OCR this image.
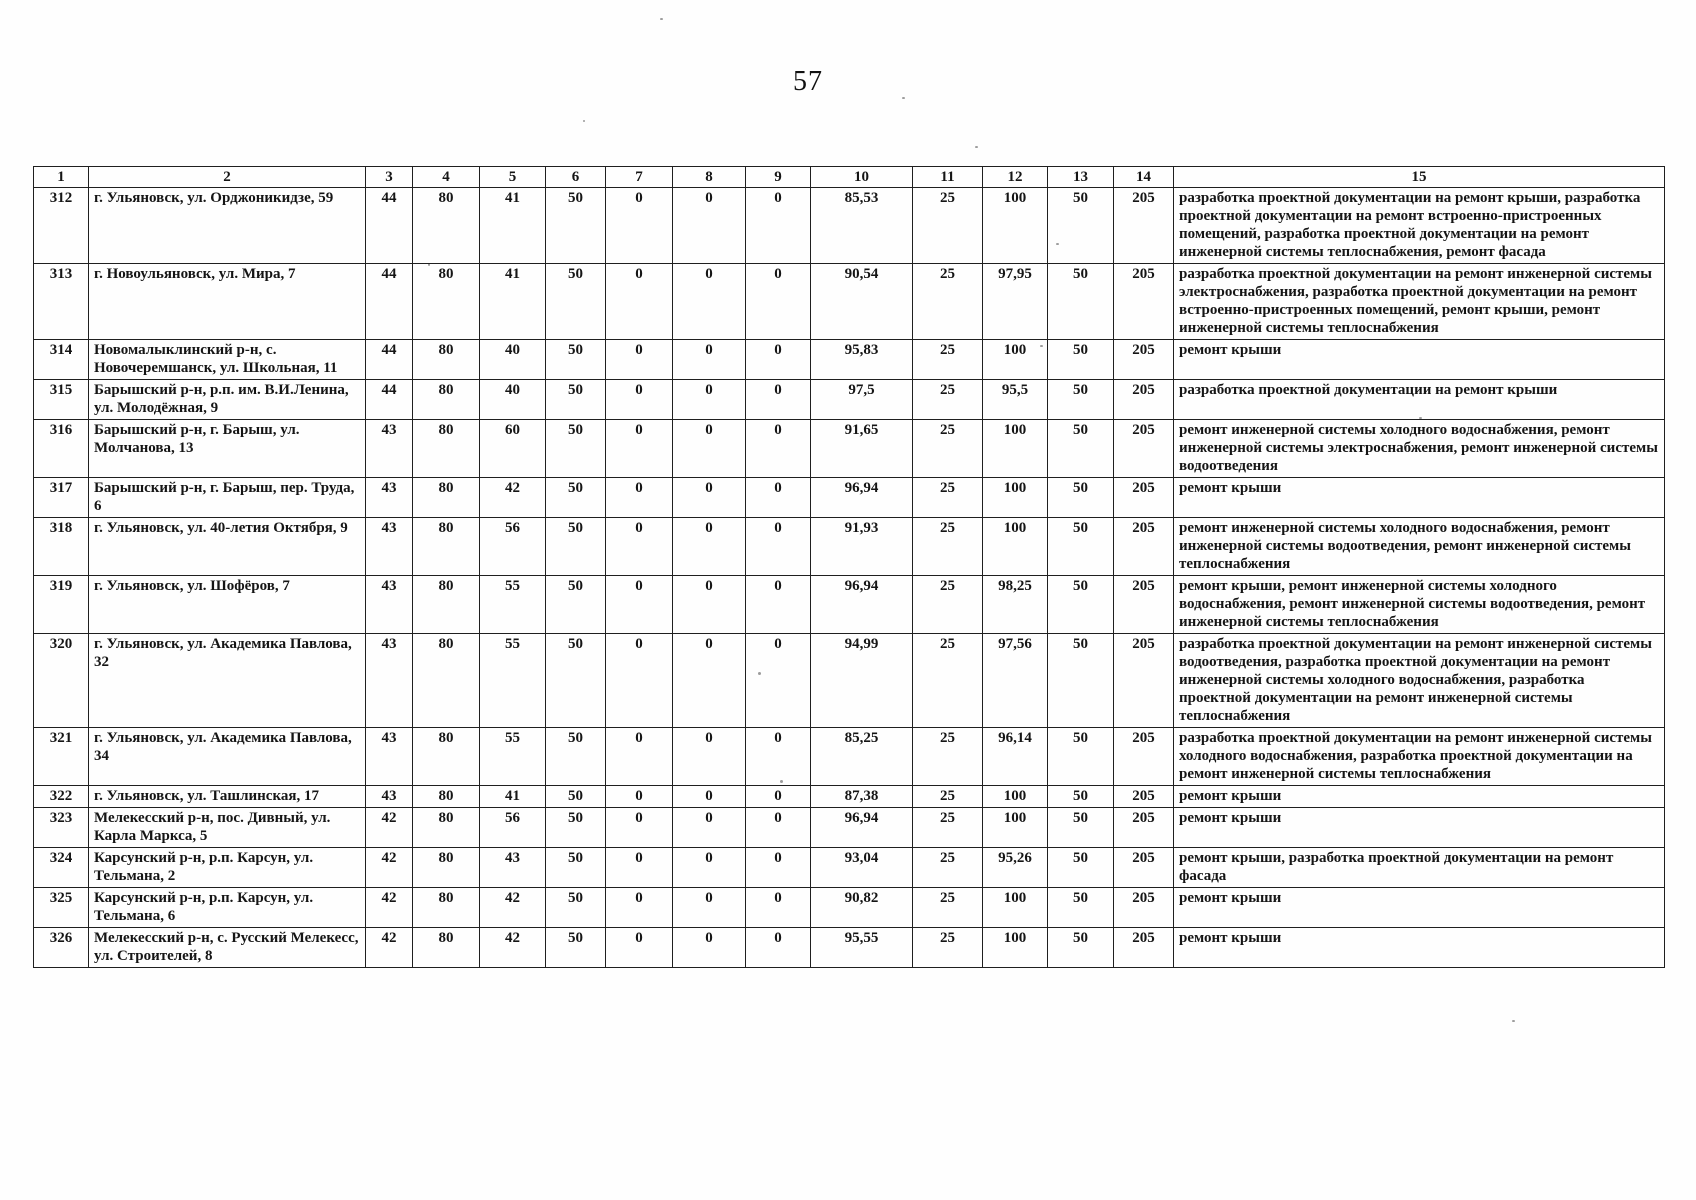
57
1	2	3	4	5	6	7	8	9	10	11	12	13	14	15
312	г. Ульяновск, ул. Орджоникидзе, 59	44	80	41	50	0	0	0	85,53	25	100	50	205	разработка проектной документации на ремонт крыши, разработка проектной документации на ремонт встроенно-пристроенных помещений, разработка проектной документации на ремонт инженерной системы теплоснабжения, ремонт фасада
313	г. Новоульяновск, ул. Мира, 7	44	80	41	50	0	0	0	90,54	25	97,95	50	205	разработка проектной документации на ремонт инженерной системы электроснабжения, разработка проектной документации на ремонт встроенно-пристроенных помещений, ремонт крыши, ремонт инженерной системы теплоснабжения
314	Новомалыклинский р-н, с. Новочеремшанск, ул. Школьная, 11	44	80	40	50	0	0	0	95,83	25	100	50	205	ремонт крыши
315	Барышский р-н, р.п. им. В.И.Ленина, ул. Молодёжная, 9	44	80	40	50	0	0	0	97,5	25	95,5	50	205	разработка проектной документации на ремонт крыши
316	Барышский р-н, г. Барыш, ул. Молчанова, 13	43	80	60	50	0	0	0	91,65	25	100	50	205	ремонт инженерной системы холодного водоснабжения, ремонт инженерной системы электроснабжения, ремонт инженерной системы водоотведения
317	Барышский р-н, г. Барыш, пер. Труда, 6	43	80	42	50	0	0	0	96,94	25	100	50	205	ремонт крыши
318	г. Ульяновск, ул. 40-летия Октября, 9	43	80	56	50	0	0	0	91,93	25	100	50	205	ремонт инженерной системы холодного водоснабжения, ремонт инженерной системы водоотведения, ремонт инженерной системы теплоснабжения
319	г. Ульяновск, ул. Шофёров, 7	43	80	55	50	0	0	0	96,94	25	98,25	50	205	ремонт крыши, ремонт инженерной системы холодного водоснабжения, ремонт инженерной системы водоотведения, ремонт инженерной системы теплоснабжения
320	г. Ульяновск, ул. Академика Павлова, 32	43	80	55	50	0	0	0	94,99	25	97,56	50	205	разработка проектной документации на ремонт инженерной системы водоотведения, разработка проектной документации на ремонт инженерной системы холодного водоснабжения, разработка проектной документации на ремонт инженерной системы теплоснабжения
321	г. Ульяновск, ул. Академика Павлова, 34	43	80	55	50	0	0	0	85,25	25	96,14	50	205	разработка проектной документации на ремонт инженерной системы холодного водоснабжения, разработка проектной документации на ремонт инженерной системы теплоснабжения
322	г. Ульяновск, ул. Ташлинская, 17	43	80	41	50	0	0	0	87,38	25	100	50	205	ремонт крыши
323	Мелекесский р-н, пос. Дивный, ул. Карла Маркса, 5	42	80	56	50	0	0	0	96,94	25	100	50	205	ремонт крыши
324	Карсунский р-н, р.п. Карсун, ул. Тельмана, 2	42	80	43	50	0	0	0	93,04	25	95,26	50	205	ремонт крыши, разработка проектной документации на ремонт фасада
325	Карсунский р-н, р.п. Карсун, ул. Тельмана, 6	42	80	42	50	0	0	0	90,82	25	100	50	205	ремонт крыши
326	Мелекесский р-н, с. Русский Мелекесс, ул. Строителей, 8	42	80	42	50	0	0	0	95,55	25	100	50	205	ремонт крыши
